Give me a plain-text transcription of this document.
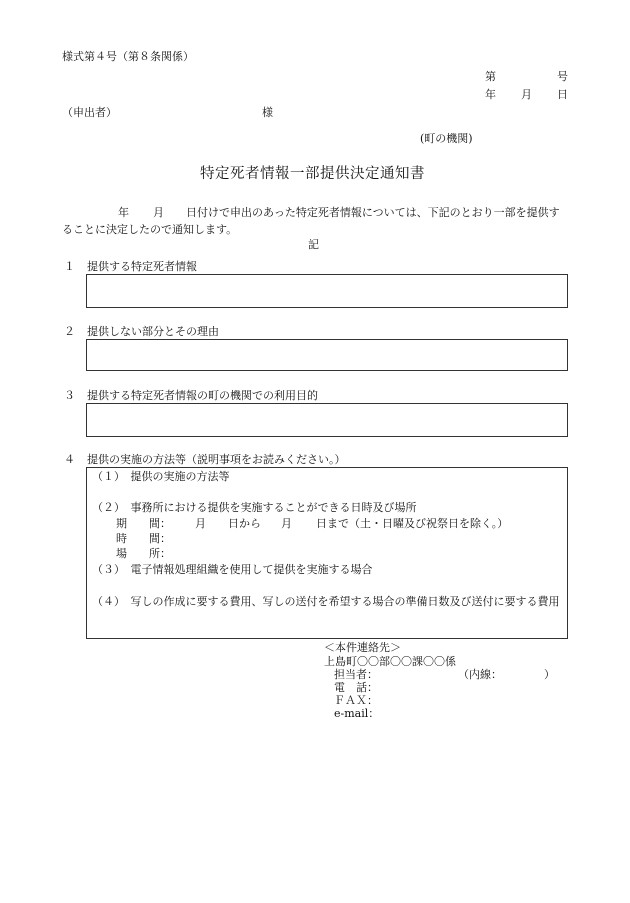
様式第４号（第８条関係）
第	号
年 月 日
（申出者）	様
(町の機関)
特定死者情報一部提供決定通知書
年 月 日付けで申出のあった特定死者情報については、下記のとおり一部を提供することに決定したので通知します。
記
１ 提供する特定死者情報
２ 提供しない部分とその理由
３ 提供する特定死者情報の町の機関での利用目的
４ 提供の実施の方法等（説明事項をお読みください。）
（１）　提供の実施の方法等
（２）　事務所における提供を実施することができる日時及び場所
期　　間： 月 日から 月 日まで（土・日曜及び祝祭日を除く。）
時　　間：
場　　所：
（３）　電子情報処理組織を使用して提供を実施する場合
（４）　写しの作成に要する費用、写しの送付を希望する場合の準備日数及び送付に要する費用
＜本件連絡先＞
上島町〇〇部〇〇課〇〇係
担当者：	（内線：	）
電　話：
ＦＡＸ：
e-mail：
